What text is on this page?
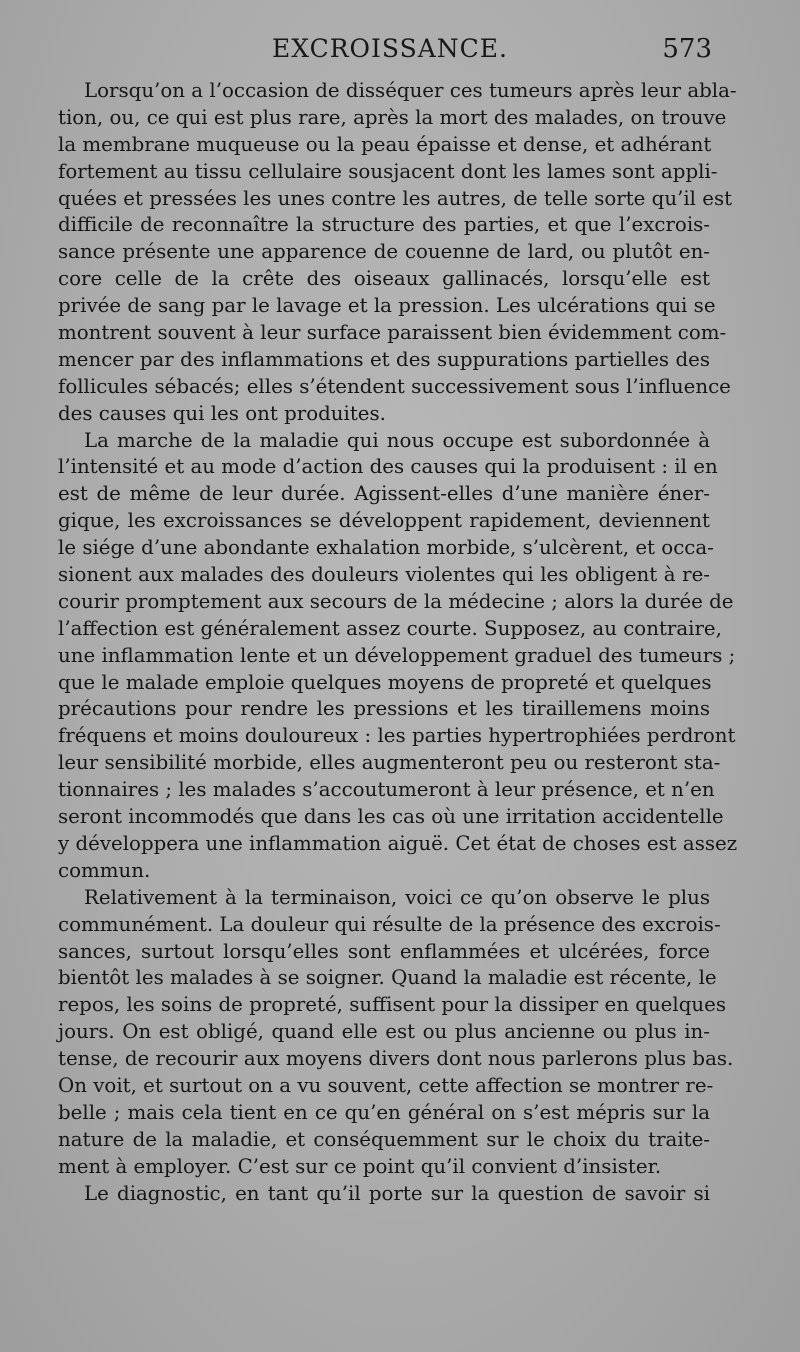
EXCROISSANCE.	573
Lorsqu’on a l’occasion de disséquer ces tumeurs après leur abla-
tion, ou, ce qui est plus rare, après la mort des malades, on trouve
la membrane muqueuse ou la peau épaisse et dense, et adhérant
fortement au tissu cellulaire sousjacent dont les lames sont appli-
quées et pressées les unes contre les autres, de telle sorte qu’il est
difficile de reconnaître la structure des parties, et que l’excrois-
sance présente une apparence de couenne de lard, ou plutôt en-
core celle de la crête des oiseaux gallinacés, lorsqu’elle est
privée de sang par le lavage et la pression. Les ulcérations qui se
montrent souvent à leur surface paraissent bien évidemment com-
mencer par des inflammations et des suppurations partielles des
follicules sébacés; elles s’étendent successivement sous l’influence
des causes qui les ont produites.
La marche de la maladie qui nous occupe est subordonnée à
l’intensité et au mode d’action des causes qui la produisent : il en
est de même de leur durée. Agissent-elles d’une manière éner-
gique, les excroissances se développent rapidement, deviennent
le siége d’une abondante exhalation morbide, s’ulcèrent, et occa-
sionent aux malades des douleurs violentes qui les obligent à re-
courir promptement aux secours de la médecine ; alors la durée de
l’affection est généralement assez courte. Supposez, au contraire,
une inflammation lente et un développement graduel des tumeurs ;
que le malade emploie quelques moyens de propreté et quelques
précautions pour rendre les pressions et les tiraillemens moins
fréquens et moins douloureux : les parties hypertrophiées perdront
leur sensibilité morbide, elles augmenteront peu ou resteront sta-
tionnaires ; les malades s’accoutumeront à leur présence, et n’en
seront incommodés que dans les cas où une irritation accidentelle
y développera une inflammation aiguë. Cet état de choses est assez
commun.
Relativement à la terminaison, voici ce qu’on observe le plus
communément. La douleur qui résulte de la présence des excrois-
sances, surtout lorsqu’elles sont enflammées et ulcérées, force
bientôt les malades à se soigner. Quand la maladie est récente, le
repos, les soins de propreté, suffisent pour la dissiper en quelques
jours. On est obligé, quand elle est ou plus ancienne ou plus in-
tense, de recourir aux moyens divers dont nous parlerons plus bas.
On voit, et surtout on a vu souvent, cette affection se montrer re-
belle ; mais cela tient en ce qu’en général on s’est mépris sur la
nature de la maladie, et conséquemment sur le choix du traite-
ment à employer. C’est sur ce point qu’il convient d’insister.
Le diagnostic, en tant qu’il porte sur la question de savoir si
